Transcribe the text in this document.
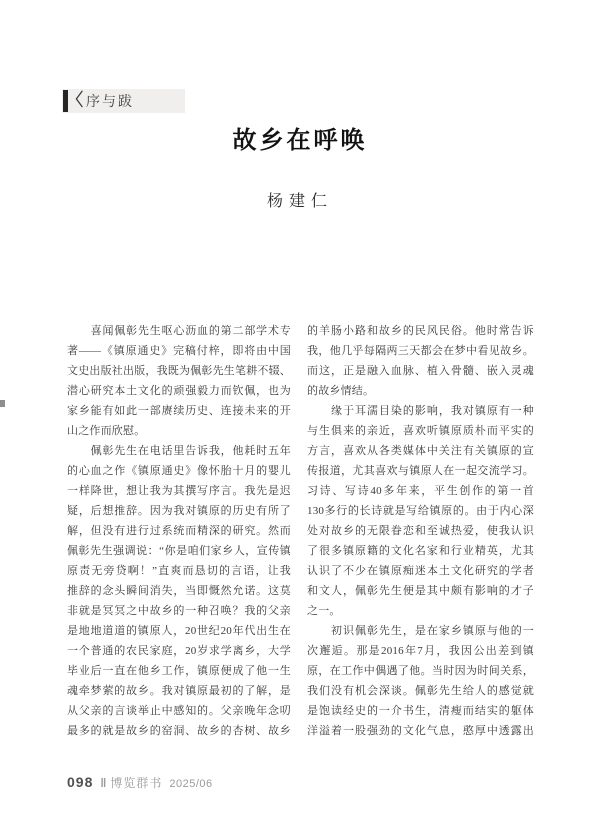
〈 序与跋
故乡在呼唤
杨建仁
　　喜闻佩彰先生呕心沥血的第二部学术专
著——《镇原通史》完稿付梓，即将由中国
文史出版社出版，我既为佩彰先生笔耕不辍、
潜心研究本土文化的顽强毅力而钦佩，也为
家乡能有如此一部赓续历史、连接未来的开
山之作而欣慰。
　　佩彰先生在电话里告诉我，他耗时五年
的心血之作《镇原通史》像怀胎十月的婴儿
一样降世，想让我为其撰写序言。我先是迟
疑，后想推辞。因为我对镇原的历史有所了
解，但没有进行过系统而精深的研究。然而
佩彰先生强调说：“你是咱们家乡人，宣传镇
原责无旁贷啊！”直爽而恳切的言语，让我
推辞的念头瞬间消失，当即慨然允诺。这莫
非就是冥冥之中故乡的一种召唤？我的父亲
是地地道道的镇原人，20世纪20年代出生在
一个普通的农民家庭，20岁求学离乡，大学
毕业后一直在他乡工作，镇原便成了他一生
魂牵梦萦的故乡。我对镇原最初的了解，是
从父亲的言谈举止中感知的。父亲晚年念叨
最多的就是故乡的窑洞、故乡的杏树、故乡
的羊肠小路和故乡的民风民俗。他时常告诉
我，他几乎每隔两三天都会在梦中看见故乡。
而这，正是融入血脉、植入骨髓、嵌入灵魂
的故乡情结。
　　缘于耳濡目染的影响，我对镇原有一种
与生俱来的亲近，喜欢听镇原质朴而平实的
方言，喜欢从各类媒体中关注有关镇原的宣
传报道，尤其喜欢与镇原人在一起交流学习。
习诗、写诗40多年来，平生创作的第一首
130多行的长诗就是写给镇原的。由于内心深
处对故乡的无限眷恋和至诚热爱，使我认识
了很多镇原籍的文化名家和行业精英，尤其
认识了不少在镇原痴迷本土文化研究的学者
和文人，佩彰先生便是其中颇有影响的才子
之一。
　　初识佩彰先生，是在家乡镇原与他的一
次邂逅。那是2016年7月，我因公出差到镇
原，在工作中偶遇了他。当时因为时间关系，
我们没有机会深谈。佩彰先生给人的感觉就
是饱读经史的一介书生，清瘦而结实的躯体
洋溢着一股强劲的文化气息，憨厚中透露出
098 ‖ 博览群书 2025/06
